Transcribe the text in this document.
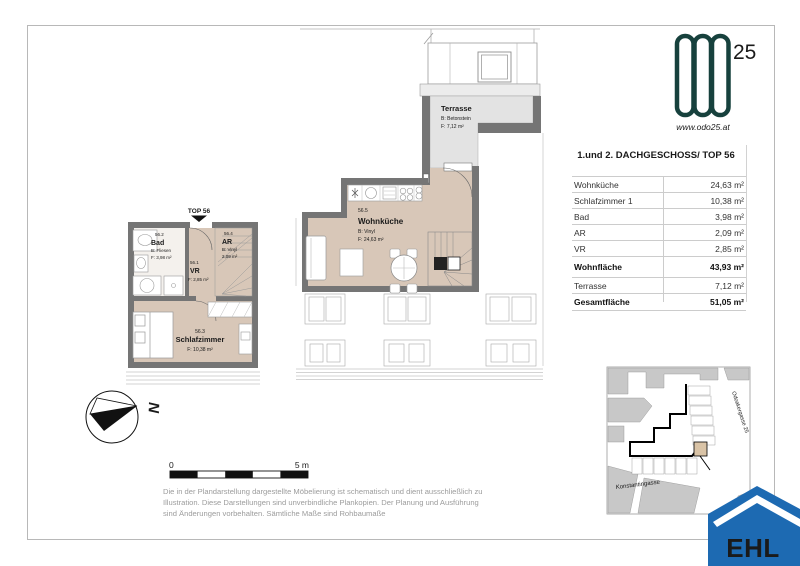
25
www.odo25.at
1.und 2. DACHGESCHOSS/ TOP 56
Wohnküche	24,63 m²
Schlafzimmer 1	10,38 m²
Bad	3,98 m²
AR	2,09 m²
VR	2,85 m²
Wohnfläche	43,93 m²
Terrasse	7,12 m²
Gesamtfläche	51,05 m²
Terrasse
B: Betonstein
F: 7,12 m²
56.5
Wohnküche
B: Vinyl
F: 24,63 m²
TOP 56
56.2
Bad
B: Fliesen
F: 3,98 m²
56.4
AR
B: Vinyl
2,09 m²
56.1
VR
F: 2,85 m²
56.3
Schlafzimmer
F: 10,38 m²
N
0	5 m
Die in der Plandarstellung dargestellte Möbelierung ist schematisch und dient ausschließlich zu
Illustration. Diese Darstellungen sind unverbindliche Plankopien. Der Planung und Ausführung
sind Änderungen vorbehalten. Sämtliche Maße sind Rohbaumaße
Odoakergasse 25
Konstantingasse
EHL
